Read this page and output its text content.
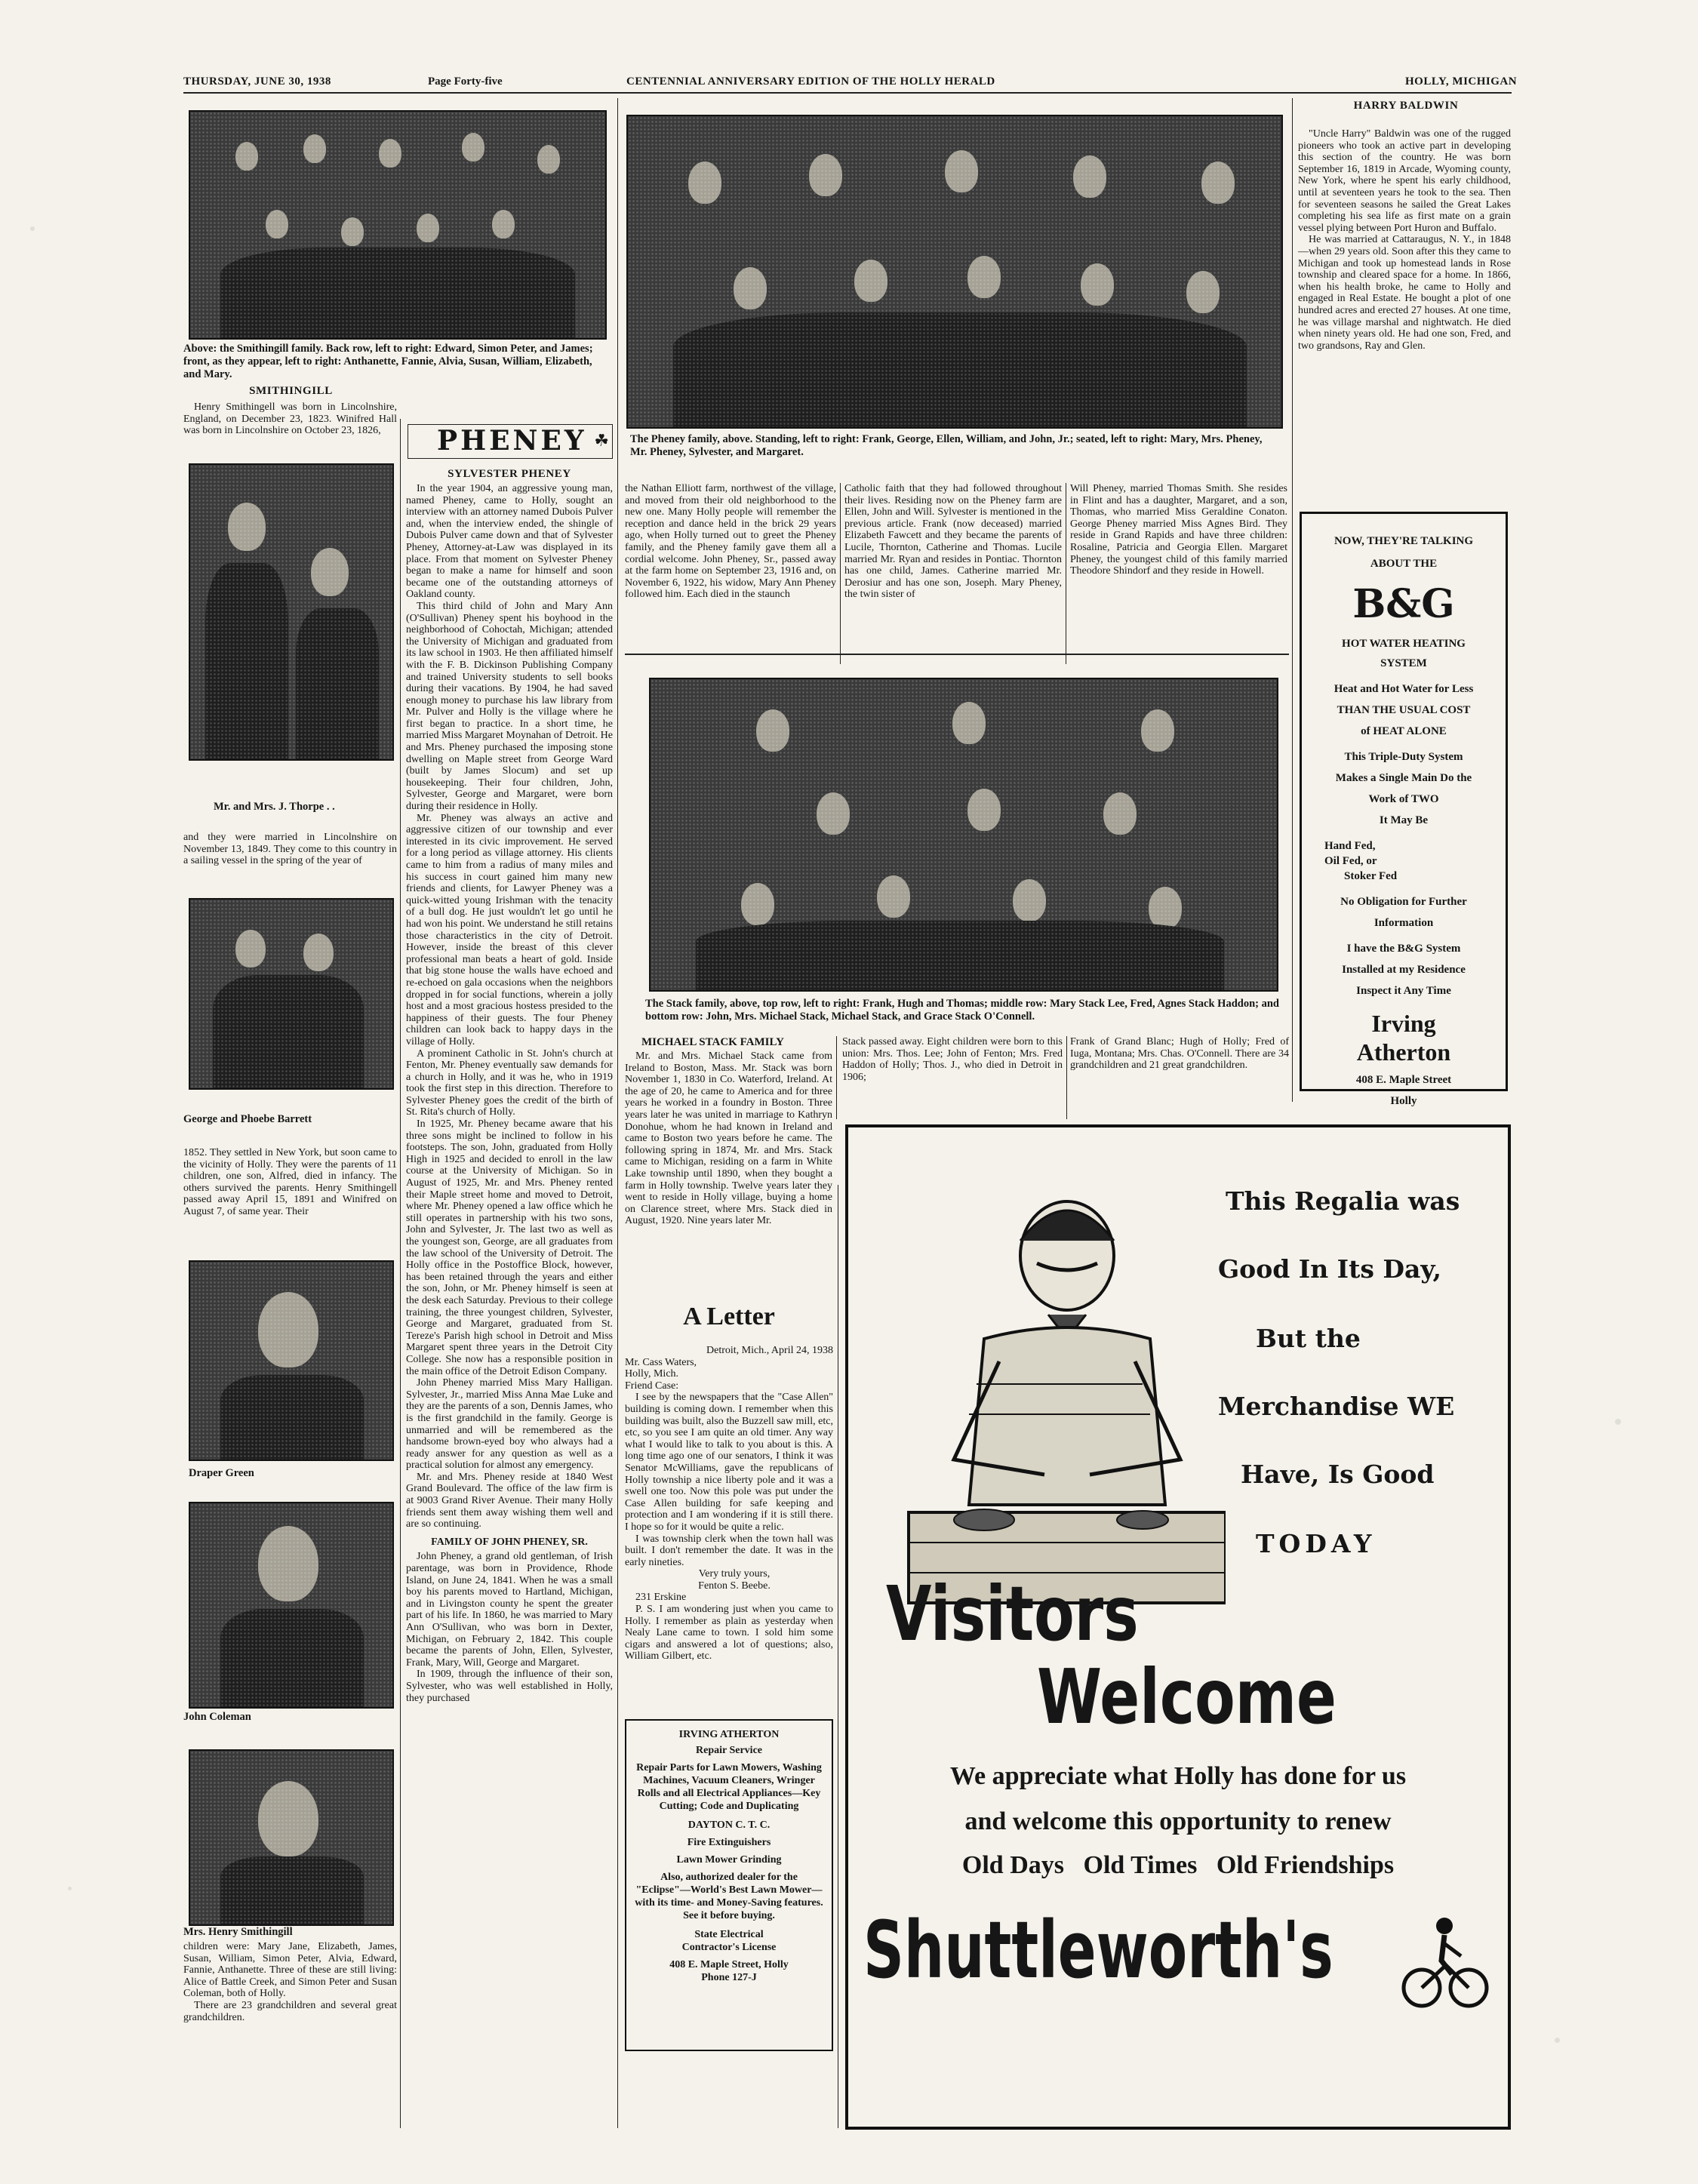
THURSDAY, JUNE 30, 1938	Page Forty-five	CENTENNIAL ANNIVERSARY EDITION OF THE HOLLY HERALD	HOLLY, MICHIGAN
Above: the Smithingill family. Back row, left to right: Edward, Simon Peter, and James; front, as they appear, left to right: Anthanette, Fannie, Alvia, Susan, William, Elizabeth, and Mary.
SMITHINGILL

Henry Smithingell was born in Lincolnshire, England, on December 23, 1823. Winifred Hall was born in Lincolnshire on October 23, 1826,

Mr. and Mrs. J. Thorpe . .

and they were married in Lincolnshire on November 13, 1849. They come to this country in a sailing vessel in the spring of the year of

George and Phoebe Barrett

1852. They settled in New York, but soon came to the vicinity of Holly. They were the parents of 11 children, one son, Alfred, died in infancy. The others survived the parents. Henry Smithingell passed away April 15, 1891 and Winifred on August 7, of same year. Their

Draper Green
John Coleman
Mrs. Henry Smithingill

children were: Mary Jane, Elizabeth, James, Susan, William, Simon Peter, Alvia, Edward, Fannie, Anthanette. Three of these are still living: Alice of Battle Creek, and Simon Peter and Susan Coleman, both of Holly.

There are 23 grandchildren and several great grandchildren.

PHENEY ☘
SYLVESTER PHENEY

In the year 1904, an aggressive young man, named Pheney, came to Holly, sought an interview with an attorney named Dubois Pulver and, when the interview ended, the shingle of Dubois Pulver came down and that of Sylvester Pheney, Attorney-at-Law was displayed in its place. From that moment on Sylvester Pheney began to make a name for himself and soon became one of the outstanding attorneys of Oakland county.

This third child of John and Mary Ann (O'Sullivan) Pheney spent his boyhood in the neighborhood of Cohoctah, Michigan; attended the University of Michigan and graduated from its law school in 1903. He then affiliated himself with the F. B. Dickinson Publishing Company and trained University students to sell books during their vacations. By 1904, he had saved enough money to purchase his law library from Mr. Pulver and Holly is the village where he first began to practice. In a short time, he married Miss Margaret Moynahan of Detroit. He and Mrs. Pheney purchased the imposing stone dwelling on Maple street from George Ward (built by James Slocum) and set up housekeeping. Their four children, John, Sylvester, George and Margaret, were born during their residence in Holly.

Mr. Pheney was always an active and aggressive citizen of our township and ever interested in its civic improvement. He served for a long period as village attorney. His clients came to him from a radius of many miles and his success in court gained him many new friends and clients, for Lawyer Pheney was a quick-witted young Irishman with the tenacity of a bull dog. He just wouldn't let go until he had won his point. We understand he still retains those characteristics in the city of Detroit. However, inside the breast of this clever professional man beats a heart of gold. Inside that big stone house the walls have echoed and re-echoed on gala occasions when the neighbors dropped in for social functions, wherein a jolly host and a most gracious hostess presided to the happiness of their guests. The four Pheney children can look back to happy days in the village of Holly.

A prominent Catholic in St. John's church at Fenton, Mr. Pheney eventually saw demands for a church in Holly, and it was he, who in 1919 took the first step in this direction. Therefore to Sylvester Pheney goes the credit of the birth of St. Rita's church of Holly.

In 1925, Mr. Pheney became aware that his three sons might be inclined to follow in his footsteps. The son, John, graduated from Holly High in 1925 and decided to enroll in the law course at the University of Michigan. So in August of 1925, Mr. and Mrs. Pheney rented their Maple street home and moved to Detroit, where Mr. Pheney opened a law office which he still operates in partnership with his two sons, John and Sylvester, Jr. The last two as well as the youngest son, George, are all graduates from the law school of the University of Detroit. The Holly office in the Postoffice Block, however, has been retained through the years and either the son, John, or Mr. Pheney himself is seen at the desk each Saturday. Previous to their college training, the three youngest children, Sylvester, George and Margaret, graduated from St. Tereze's Parish high school in Detroit and Miss Margaret spent three years in the Detroit City College. She now has a responsible position in the main office of the Detroit Edison Company.

John Pheney married Miss Mary Halligan. Sylvester, Jr., married Miss Anna Mae Luke and they are the parents of a son, Dennis James, who is the first grandchild in the family. George is unmarried and will be remembered as the handsome brown-eyed boy who always had a ready answer for any question as well as a practical solution for almost any emergency.

Mr. and Mrs. Pheney reside at 1840 West Grand Boulevard. The office of the law firm is at 9003 Grand River Avenue. Their many Holly friends sent them away wishing them well and are so continuing.

FAMILY OF JOHN PHENEY, SR.

John Pheney, a grand old gentleman, of Irish parentage, was born in Providence, Rhode Island, on June 24, 1841. When he was a small boy his parents moved to Hartland, Michigan, and in Livingston county he spent the greater part of his life. In 1860, he was married to Mary Ann O'Sullivan, who was born in Dexter, Michigan, on February 2, 1842. This couple became the parents of John, Ellen, Sylvester, Frank, Mary, Will, George and Margaret.

In 1909, through the influence of their son, Sylvester, who was well established in Holly, they purchased

The Pheney family, above. Standing, left to right: Frank, George, Ellen, William, and John, Jr.; seated, left to right: Mary, Mrs. Pheney, Mr. Pheney, Sylvester, and Margaret.

the Nathan Elliott farm, northwest of the village, and moved from their old neighborhood to the new one. Many Holly people will remember the reception and dance held in the brick 29 years ago, when Holly turned out to greet the Pheney family, and the Pheney family gave them all a cordial welcome. John Pheney, Sr., passed away at the farm home on September 23, 1916 and, on November 6, 1922, his widow, Mary Ann Pheney followed him. Each died in the staunch

Catholic faith that they had followed throughout their lives. Residing now on the Pheney farm are Ellen, John and Will. Sylvester is mentioned in the previous article. Frank (now deceased) married Elizabeth Fawcett and they became the parents of Lucile, Thornton, Catherine and Thomas. Lucile married Mr. Ryan and resides in Pontiac. Thornton has one child, James. Catherine married Mr. Derosiur and has one son, Joseph. Mary Pheney, the twin sister of

Will Pheney, married Thomas Smith. She resides in Flint and has a daughter, Margaret, and a son, Thomas, who married Miss Geraldine Conaton. George Pheney married Miss Agnes Bird. They reside in Grand Rapids and have three children: Rosaline, Patricia and Georgia Ellen. Margaret Pheney, the youngest child of this family married Theodore Shindorf and they reside in Howell.

The Stack family, above, top row, left to right: Frank, Hugh and Thomas; middle row: Mary Stack Lee, Fred, Agnes Stack Haddon; and bottom row: John, Mrs. Michael Stack, Michael Stack, and Grace Stack O'Connell.
MICHAEL STACK FAMILY

Mr. and Mrs. Michael Stack came from Ireland to Boston, Mass. Mr. Stack was born November 1, 1830 in Co. Waterford, Ireland. At the age of 20, he came to America and for three years he worked in a foundry in Boston. Three years later he was united in marriage to Kathryn Donohue, whom he had known in Ireland and came to Boston two years before he came. The following spring in 1874, Mr. and Mrs. Stack came to Michigan, residing on a farm in White Lake township until 1890, when they bought a farm in Holly township. Twelve years later they went to reside in Holly village, buying a home on Clarence street, where Mrs. Stack died in August, 1920. Nine years later Mr.

Stack passed away. Eight children were born to this union: Mrs. Thos. Lee; John of Fenton; Mrs. Fred Haddon of Holly; Thos. J., who died in Detroit in 1906;

Frank of Grand Blanc; Hugh of Holly; Fred of Iuga, Montana; Mrs. Chas. O'Connell. There are 34 grandchildren and 21 great grandchildren.

A Letter

Detroit, Mich., April 24, 1938

Mr. Cass Waters,

Holly, Mich.

Friend Case:

I see by the newspapers that the "Case Allen" building is coming down. I remember when this building was built, also the Buzzell saw mill, etc, etc, so you see I am quite an old timer. Any way what I would like to talk to you about is this. A long time ago one of our senators, I think it was Senator McWilliams, gave the republicans of Holly township a nice liberty pole and it was a swell one too. Now this pole was put under the Case Allen building for safe keeping and protection and I am wondering if it is still there. I hope so for it would be quite a relic.

I was township clerk when the town hall was built. I don't remember the date. It was in the early nineties.

Very truly yours,

Fenton S. Beebe.

231 Erskine

P. S. I am wondering just when you came to Holly. I remember as plain as yesterday when Nealy Lane came to town. I sold him some cigars and answered a lot of questions; also, William Gilbert, etc.

IRVING ATHERTON
Repair Service
Repair Parts for Lawn Mowers, Washing Machines, Vacuum Cleaners, Wringer Rolls and all Electrical Appliances—Key Cutting; Code and Duplicating
DAYTON C. T. C.
Fire Extinguishers
Lawn Mower Grinding
Also, authorized dealer for the "Eclipse"—World's Best Lawn Mower—with its time- and Money-Saving features. See it before buying.
State Electrical
Contractor's License
408 E. Maple Street, Holly
Phone 127-J
HARRY BALDWIN

"Uncle Harry" Baldwin was one of the rugged pioneers who took an active part in developing this section of the country. He was born September 16, 1819 in Arcade, Wyoming county, New York, where he spent his early childhood, until at seventeen years he took to the sea. Then for seventeen seasons he sailed the Great Lakes completing his sea life as first mate on a grain vessel plying between Port Huron and Buffalo.

He was married at Cattaraugus, N. Y., in 1848—when 29 years old. Soon after this they came to Michigan and took up homestead lands in Rose township and cleared space for a home. In 1866, when his health broke, he came to Holly and engaged in Real Estate. He bought a plot of one hundred acres and erected 27 houses. At one time, he was village marshal and nightwatch. He died when ninety years old. He had one son, Fred, and two grandsons, Ray and Glen.

NOW, THEY'RE TALKING
ABOUT THE
B&G
HOT WATER HEATING
SYSTEM
Heat and Hot Water for Less
THAN THE USUAL COST
of HEAT ALONE
This Triple-Duty System
Makes a Single Main Do the
Work of TWO
It May Be
Hand Fed,
Oil Fed, or
Stoker Fed
No Obligation for Further
Information
I have the B&G System
Installed at my Residence
Inspect it Any Time
Irving
Atherton
408 E. Maple Street
Holly
This Regalia was
Good In Its Day,
But the
Merchandise WE
Have, Is Good
TODAY
Visitors
Welcome
We appreciate what Holly has done for us
and welcome this opportunity to renew
Old Days   Old Times   Old Friendships
Shuttleworth's
